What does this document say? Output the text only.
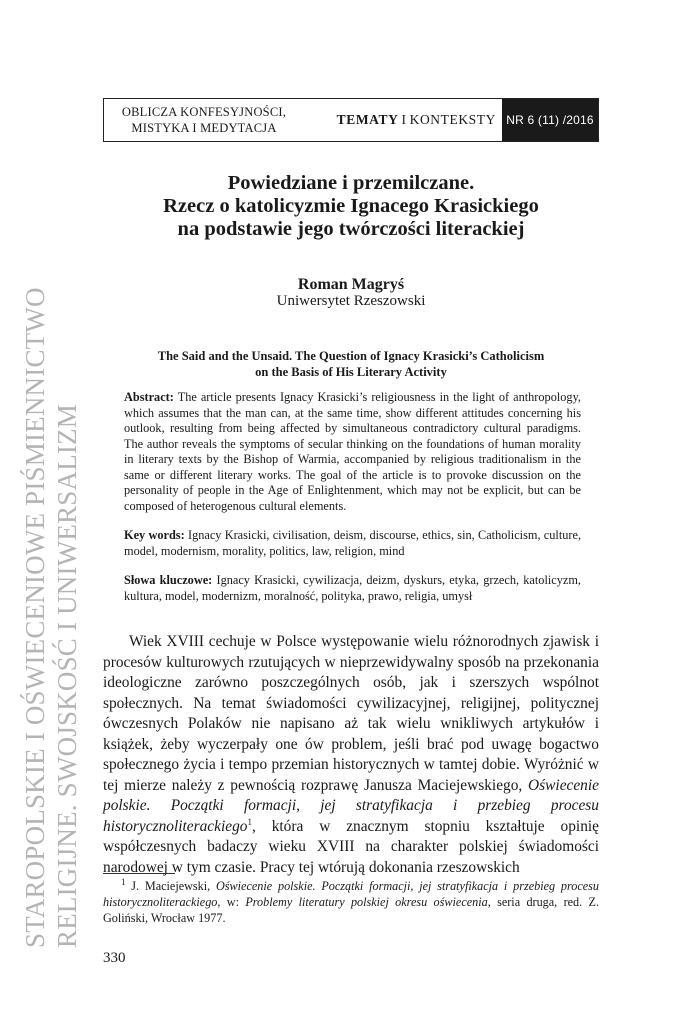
OBLICZA KONFESYJNOŚCI,
MISTYKA I MEDYTACJA
TEMATY I KONTEKSTY NR 6 (11) /2016
STAROPOLSKIE I OŚWIECENIOWE PIŚMIENNICTWO RELIGIJNE. SWOJSKOŚĆ I UNIWERSALIZM
Powiedziane i przemilczane.
Rzecz o katolicyzmie Ignacego Krasickiego
na podstawie jego twórczości literackiej
Roman Magryś
Uniwersytet Rzeszowski
The Said and the Unsaid. The Question of Ignacy Krasicki’s Catholicism
on the Basis of His Literary Activity
Abstract: The article presents Ignacy Krasicki’s religiousness in the light of anthropology, which assumes that the man can, at the same time, show different attitudes concerning his outlook, resulting from being affected by simultaneous contradictory cultural paradigms. The author reveals the symptoms of secular thinking on the foundations of human morality in literary texts by the Bishop of Warmia, accompanied by religious traditionalism in the same or different literary works. The goal of the article is to provoke discussion on the personality of people in the Age of Enlightenment, which may not be explicit, but can be composed of heterogenous cultural elements.
Key words: Ignacy Krasicki, civilisation, deism, discourse, ethics, sin, Catholicism, culture, model, modernism, morality, politics, law, religion, mind
Słowa kluczowe: Ignacy Krasicki, cywilizacja, deizm, dyskurs, etyka, grzech, katolicyzm, kultura, model, modernizm, moralność, polityka, prawo, religia, umysł

Wiek XVIII cechuje w Polsce występowanie wielu różnorodnych zjawisk i procesów kulturowych rzutujących w nieprzewidywalny sposób na przekonania ideologiczne zarówno poszczególnych osób, jak i szerszych wspólnot społecznych. Na temat świadomości cywilizacyjnej, religijnej, politycznej ówczesnych Polaków nie napisano aż tak wielu wnikliwych artykułów i książek, żeby wyczerpały one ów problem, jeśli brać pod uwagę bogactwo społecznego życia i tempo przemian historycznych w tamtej dobie. Wyróżnić w tej mierze należy z pewnością rozprawę Janusza Maciejewskiego, Oświecenie polskie. Początki formacji, jej stratyfikacja i przebieg procesu historycznoliterackiego$^1$, która w znacznym stopniu kształtuje opinię współczesnych badaczy wieku XVIII na charakter polskiej świadomości narodowej w tym czasie. Pracy tej wtórują dokonania rzeszowskich

$^1$ J. Maciejewski, Oświecenie polskie. Początki formacji, jej stratyfikacja i przebieg procesu historycznoliterackiego, w: Problemy literatury polskiej okresu oświecenia, seria druga, red. Z. Goliński, Wrocław 1977.
330
